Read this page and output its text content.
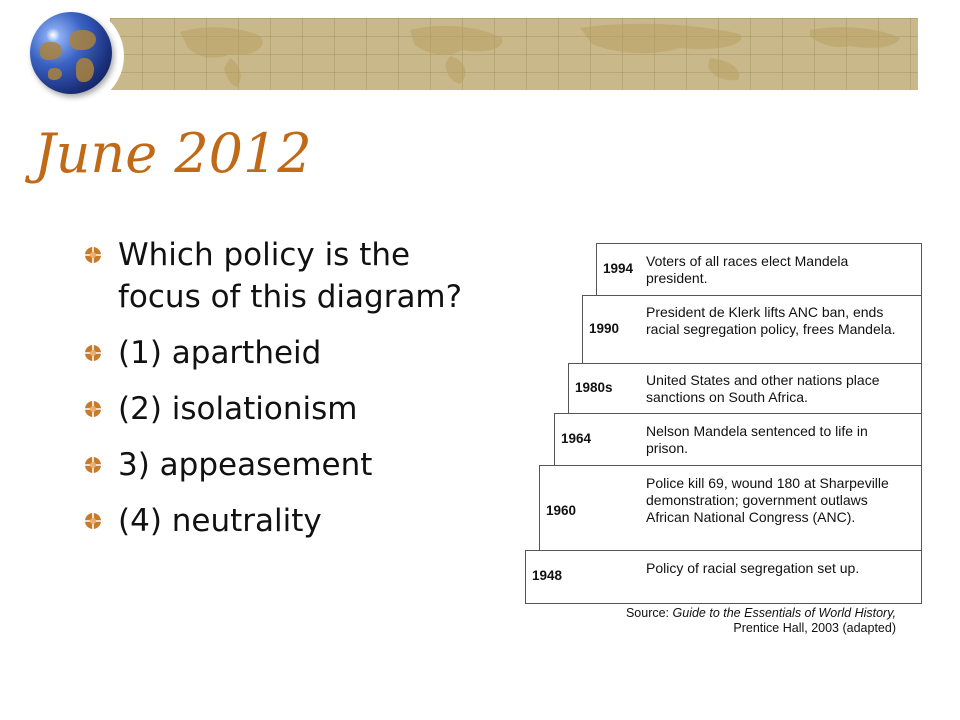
June 2012
Which policy is the focus of this diagram?
(1) apartheid
(2) isolationism
3) appeasement
(4) neutrality
1948	Policy of racial segregation set up.
1960
Police kill 69, wound 180 at Sharpeville demonstration; government outlaws African National Congress (ANC).
1964	Nelson Mandela sentenced to life in prison.
1980s United States and other nations place sanctions on South Africa.
1990
President de Klerk lifts ANC ban, ends racial segregation policy, frees Mandela.
1994 Voters of all races elect Mandela president.
Source: Guide to the Essentials of World History,
Prentice Hall, 2003 (adapted)
